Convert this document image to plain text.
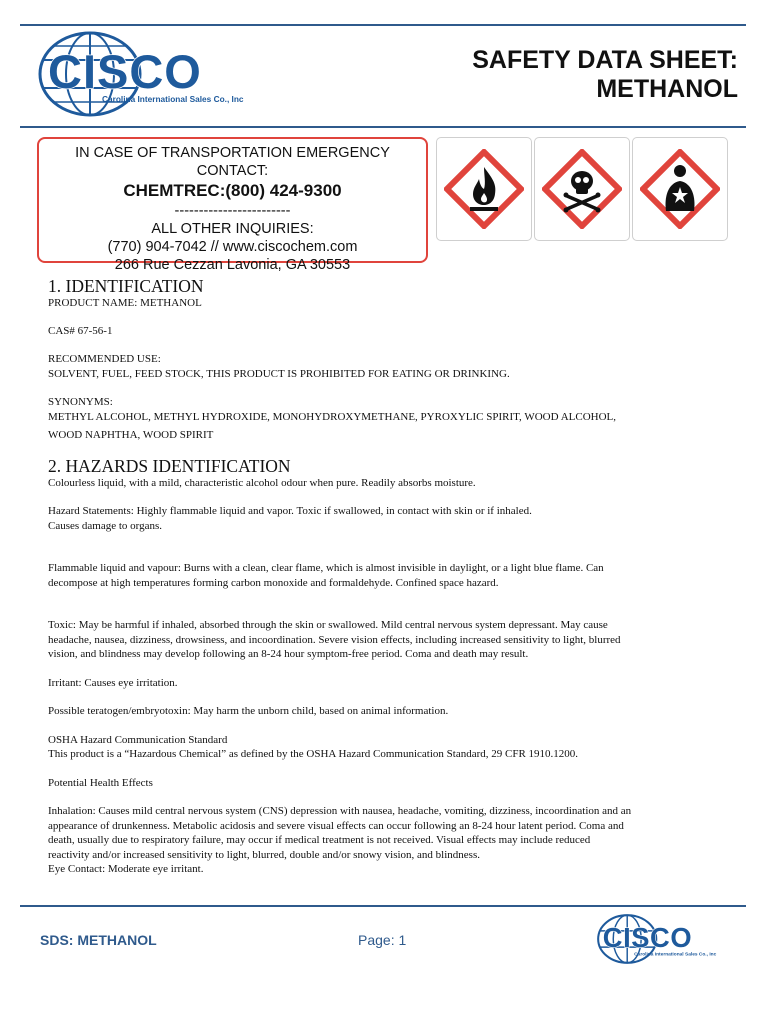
CISCO
Carolina International Sales Co., Inc
SAFETY DATA SHEET:
METHANOL
IN CASE OF TRANSPORTATION EMERGENCY CONTACT:
CHEMTREC:(800) 424-9300
------------------------
ALL OTHER INQUIRIES:
(770) 904-7042 // www.ciscochem.com
266 Rue Cezzan Lavonia, GA 30553
1. IDENTIFICATION

PRODUCT NAME: METHANOL

CAS# 67-56-1

RECOMMENDED USE:

SOLVENT, FUEL, FEED STOCK, THIS PRODUCT IS PROHIBITED FOR EATING OR DRINKING.

SYNONYMS:

METHYL ALCOHOL, METHYL HYDROXIDE, MONOHYDROXYMETHANE, PYROXYLIC SPIRIT, WOOD ALCOHOL,

WOOD NAPHTHA, WOOD SPIRIT

2. HAZARDS IDENTIFICATION

Colourless liquid, with a mild, characteristic alcohol odour when pure. Readily absorbs moisture.

Hazard Statements: Highly flammable liquid and vapor. Toxic if swallowed, in contact with skin or if inhaled.

Causes damage to organs.

Flammable liquid and vapour: Burns with a clean, clear flame, which is almost invisible in daylight, or a light blue flame. Can

decompose at high temperatures forming carbon monoxide and formaldehyde. Confined space hazard.

Toxic: May be harmful if inhaled, absorbed through the skin or swallowed. Mild central nervous system depressant. May cause

headache, nausea, dizziness, drowsiness, and incoordination. Severe vision effects, including increased sensitivity to light, blurred

vision, and blindness may develop following an 8-24 hour symptom-free period. Coma and death may result.

Irritant: Causes eye irritation.

Possible teratogen/embryotoxin: May harm the unborn child, based on animal information.

OSHA Hazard Communication Standard

This product is a “Hazardous Chemical” as defined by the OSHA Hazard Communication Standard, 29 CFR 1910.1200.

Potential Health Effects

Inhalation: Causes mild central nervous system (CNS) depression with nausea, headache, vomiting, dizziness, incoordination and an

appearance of drunkenness. Metabolic acidosis and severe visual effects can occur following an 8-24 hour latent period. Coma and

death, usually due to respiratory failure, may occur if medical treatment is not received. Visual effects may include reduced

reactivity and/or increased sensitivity to light, blurred, double and/or snowy vision, and blindness.

Eye Contact: Moderate eye irritant.

SDS: METHANOL	Page: 1	CISCO
Carolina International Sales Co., Inc
